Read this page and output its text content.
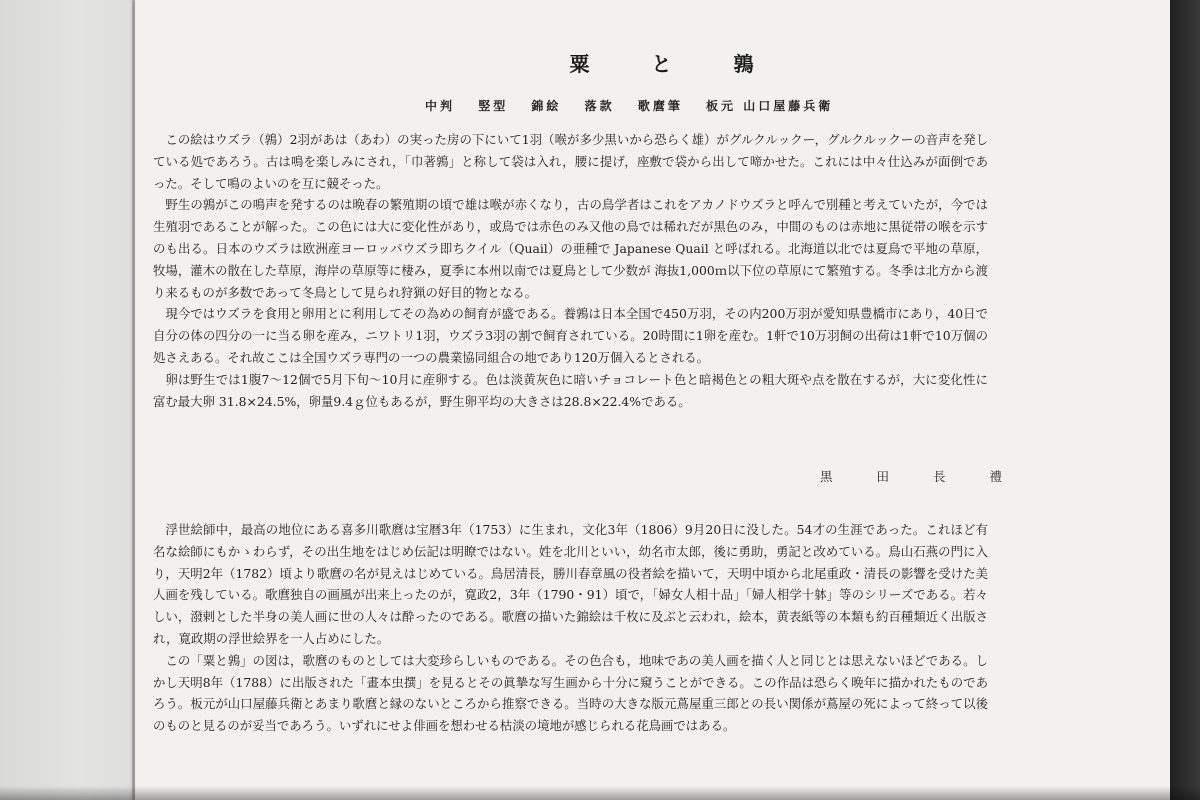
粟と鶉
中判 竪型 錦絵 落款 歌麿筆 板元 山口屋藤兵衛

この絵はウズラ（鶉）2羽があは（あわ）の実った房の下にいて1羽（喉が多少黒いから恐らく雄）がグルクルックー，グルクルックーの音声を発している処であろう。古は鳴を楽しみにされ，「巾著鶉」と称して袋は入れ，腰に提げ，座敷で袋から出して啼かせた。これには中々仕込みが面倒であった。そして鳴のよいのを互に競そった。

野生の鶉がこの鳴声を発するのは晩春の繁殖期の頃で雄は喉が赤くなり，古の鳥学者はこれをアカノドウズラと呼んで別種と考えていたが，今では生殖羽であることが解った。この色には大に変化性があり，或鳥では赤色のみ又他の鳥では稀れだが黒色のみ，中間のものは赤地に黒従帯の喉を示すのも出る。日本のウズラは欧洲産ヨーロッパウズラ即ちクイル（Quail）の亜種で Japanese Quail と呼ばれる。北海道以北では夏鳥で平地の草原，牧場，灌木の散在した草原，海岸の草原等に棲み，夏季に本州以南では夏鳥として少数が 海抜1,000ｍ以下位の草原にて繁殖する。冬季は北方から渡り来るものが多数であって冬鳥として見られ狩猟の好目的物となる。

現今ではウズラを食用と卵用とに利用してその為めの飼育が盛である。養鶉は日本全国で450万羽，その内200万羽が愛知県豊橋市にあり，40日で自分の体の四分の一に当る卵を産み，ニワトリ1羽，ウズラ3羽の割で飼育されている。20時間に1卵を産む。1軒で10万羽飼の出荷は1軒で10万個の処さえある。それ故ここは全国ウズラ専門の一つの農業協同組合の地であり120万個入るとされる。

卵は野生では1腹7～12個で5月下旬～10月に産卵する。色は淡黄灰色に暗いチョコレート色と暗褐色との粗大斑や点を散在するが，大に変化性に富む最大卵 31.8×24.5%，卵量9.4ｇ位もあるが，野生卵平均の大きさは28.8×22.4%である。

黒 田 長 禮

浮世絵師中，最高の地位にある喜多川歌麿は宝暦3年（1753）に生まれ，文化3年（1806）9月20日に没した。54才の生涯であった。これほど有名な絵師にもかゝわらず，その出生地をはじめ伝記は明瞭ではない。姓を北川といい，幼名市太郎，後に勇助，勇記と改めている。鳥山石燕の門に入り，天明2年（1782）頃より歌麿の名が見えはじめている。鳥居清長，勝川春章風の役者絵を描いて，天明中頃から北尾重政・清長の影響を受けた美人画を残している。歌麿独自の画風が出来上ったのが，寛政2，3年（1790・91）頃で，「婦女人相十品」「婦人相学十躰」等のシリーズである。若々しい，潑剌とした半身の美人画に世の人々は酔ったのである。歌麿の描いた錦絵は千枚に及ぶと云われ，絵本，黄表紙等の本類も約百種類近く出版され，寛政期の浮世絵界を一人占めにした。

この「粟と鶉」の図は，歌麿のものとしては大変珍らしいものである。その色合も，地味であの美人画を描く人と同じとは思えないほどである。しかし天明8年（1788）に出版された「畫本虫撰」を見るとその眞摯な写生画から十分に窺うことができる。この作品は恐らく晩年に描かれたものであろう。板元が山口屋藤兵衛とあまり歌麿と縁のないところから推察できる。当時の大きな版元蔦屋重三郎との長い関係が蔦屋の死によって終って以後のものと見るのが妥当であろう。いずれにせよ俳画を想わせる枯淡の境地が感じられる花鳥画ではある。
